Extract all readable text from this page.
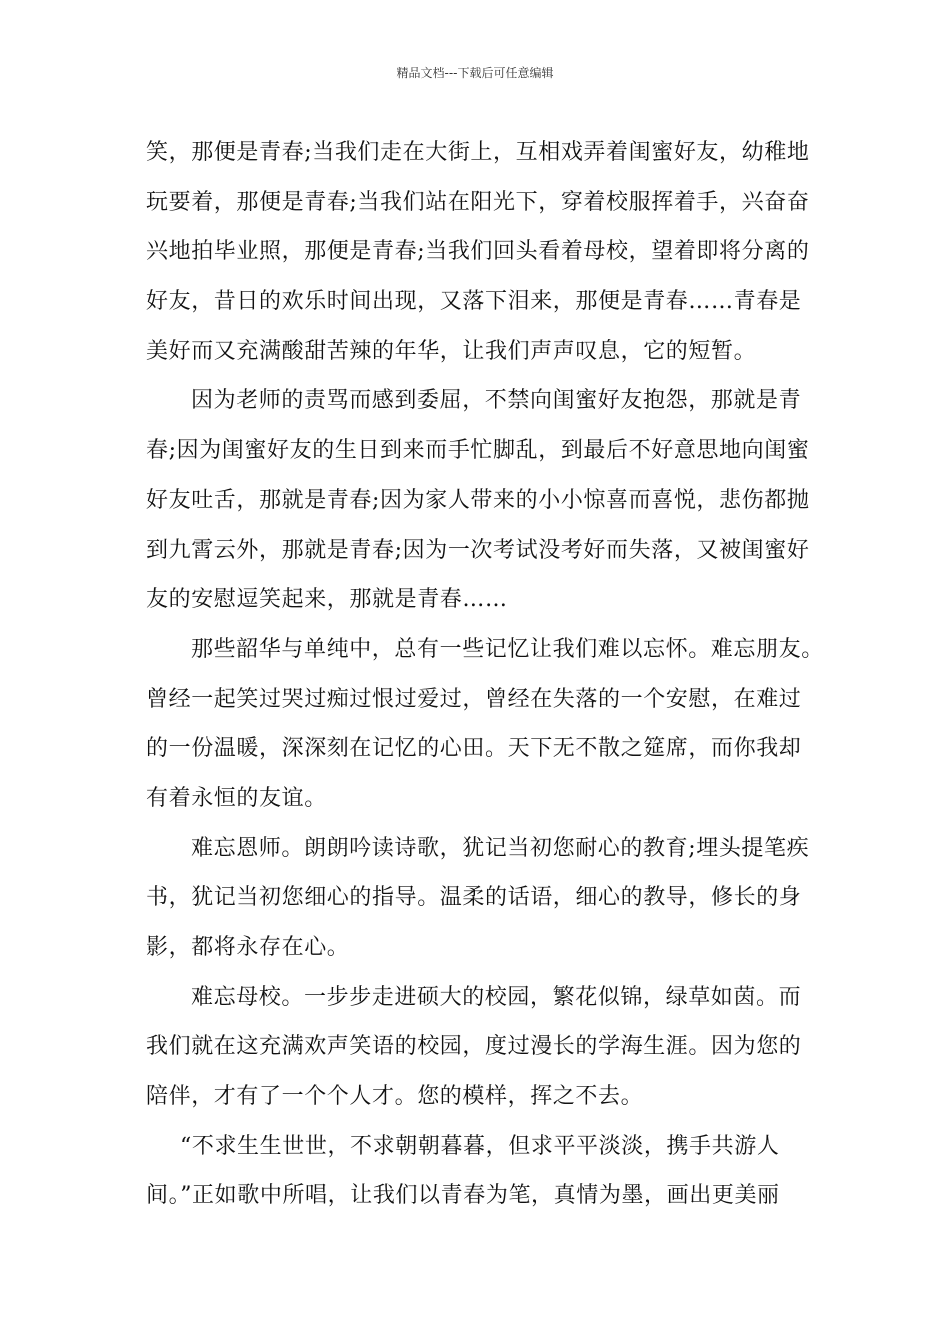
精品文档---下载后可任意编辑
笑，那便是青春;当我们走在大街上，互相戏弄着闺蜜好友，幼稚地
玩要着，那便是青春;当我们站在阳光下，穿着校服挥着手，兴奋奋
兴地拍毕业照，那便是青春;当我们回头看着母校，望着即将分离的
好友，昔日的欢乐时间出现，又落下泪来，那便是青春……青春是
美好而又充满酸甜苦辣的年华，让我们声声叹息，它的短暂。
因为老师的责骂而感到委屈，不禁向闺蜜好友抱怨，那就是青
春;因为闺蜜好友的生日到来而手忙脚乱，到最后不好意思地向闺蜜
好友吐舌，那就是青春;因为家人带来的小小惊喜而喜悦，悲伤都抛
到九霄云外，那就是青春;因为一次考试没考好而失落，又被闺蜜好
友的安慰逗笑起来，那就是青春……
那些韶华与单纯中，总有一些记忆让我们难以忘怀。难忘朋友。
曾经一起笑过哭过痴过恨过爱过，曾经在失落的一个安慰，在难过
的一份温暖，深深刻在记忆的心田。天下无不散之筵席，而你我却
有着永恒的友谊。
难忘恩师。朗朗吟读诗歌，犹记当初您耐心的教育;埋头提笔疾
书，犹记当初您细心的指导。温柔的话语，细心的教导，修长的身
影，都将永存在心。
难忘母校。一步步走进硕大的校园，繁花似锦，绿草如茵。而
我们就在这充满欢声笑语的校园，度过漫长的学海生涯。因为您的
陪伴，才有了一个个人才。您的模样，挥之不去。
“不求生生世世，不求朝朝暮暮，但求平平淡淡，携手共游人
间。”正如歌中所唱，让我们以青春为笔，真情为墨，画出更美丽
